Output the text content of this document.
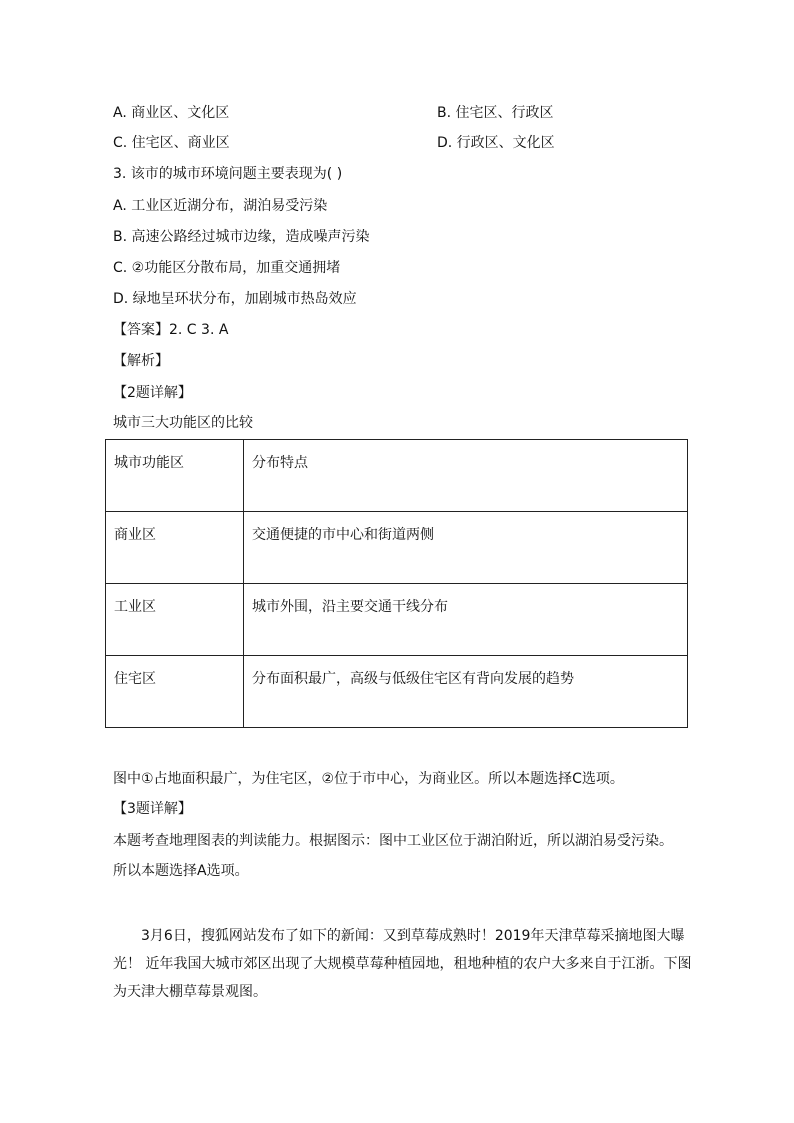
A. 商业区、文化区	B. 住宅区、行政区
C. 住宅区、商业区	D. 行政区、文化区
3. 该市的城市环境问题主要表现为( )
A. 工业区近湖分布，湖泊易受污染
B. 高速公路经过城市边缘，造成噪声污染
C. ②功能区分散布局，加重交通拥堵
D. 绿地呈环状分布，加剧城市热岛效应
【答案】2. C 3. A
【解析】
【2题详解】
城市三大功能区的比较
城市功能区	分布特点
商业区	交通便捷的市中心和街道两侧
工业区	城市外围，沿主要交通干线分布
住宅区	分布面积最广，高级与低级住宅区有背向发展的趋势
图中①占地面积最广，为住宅区，②位于市中心，为商业区。所以本题选择C选项。
【3题详解】
本题考查地理图表的判读能力。根据图示：图中工业区位于湖泊附近，所以湖泊易受污染。
所以本题选择A选项。
3月6日，搜狐网站发布了如下的新闻：又到草莓成熟时！2019年天津草莓采摘地图大曝光！ 近年我国大城市郊区出现了大规模草莓种植园地，租地种植的农户大多来自于江浙。下图为天津大棚草莓景观图。
